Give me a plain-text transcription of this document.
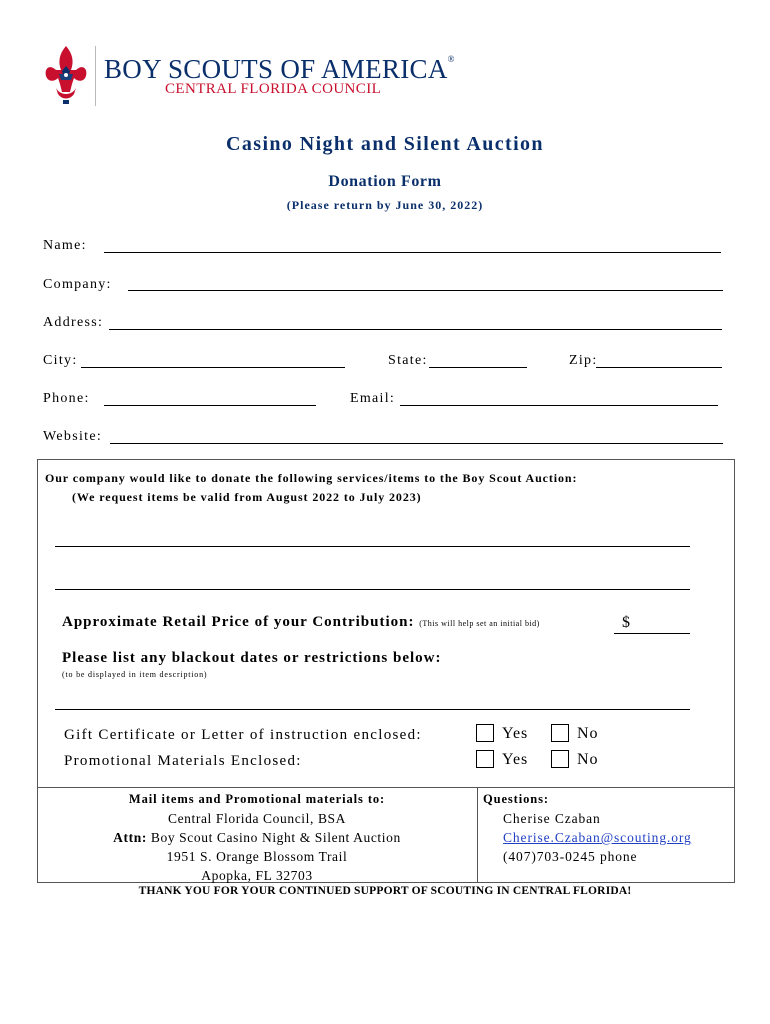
BOY SCOUTS OF AMERICA®
CENTRAL FLORIDA COUNCIL
Casino Night and Silent Auction
Donation Form
(Please return by June 30, 2022)
Name:
Company:
Address:
City:	State:	Zip:
Phone:	Email:
Website:
Our company would like to donate the following services/items to the Boy Scout Auction:
(We request items be valid from August 2022 to July 2023)
Approximate Retail Price of your Contribution: (This will help set an initial bid)	$
Please list any blackout dates or restrictions below:
(to be displayed in item description)
Gift Certificate or Letter of instruction enclosed:	Yes	No
Promotional Materials Enclosed:	Yes	No
Mail items and Promotional materials to:
Central Florida Council, BSA
Attn: Boy Scout Casino Night & Silent Auction
1951 S. Orange Blossom Trail
Apopka, FL 32703
Questions:
Cherise Czaban
Cherise.Czaban@scouting.org
(407)703-0245 phone
THANK YOU FOR YOUR CONTINUED SUPPORT OF SCOUTING IN CENTRAL FLORIDA!
